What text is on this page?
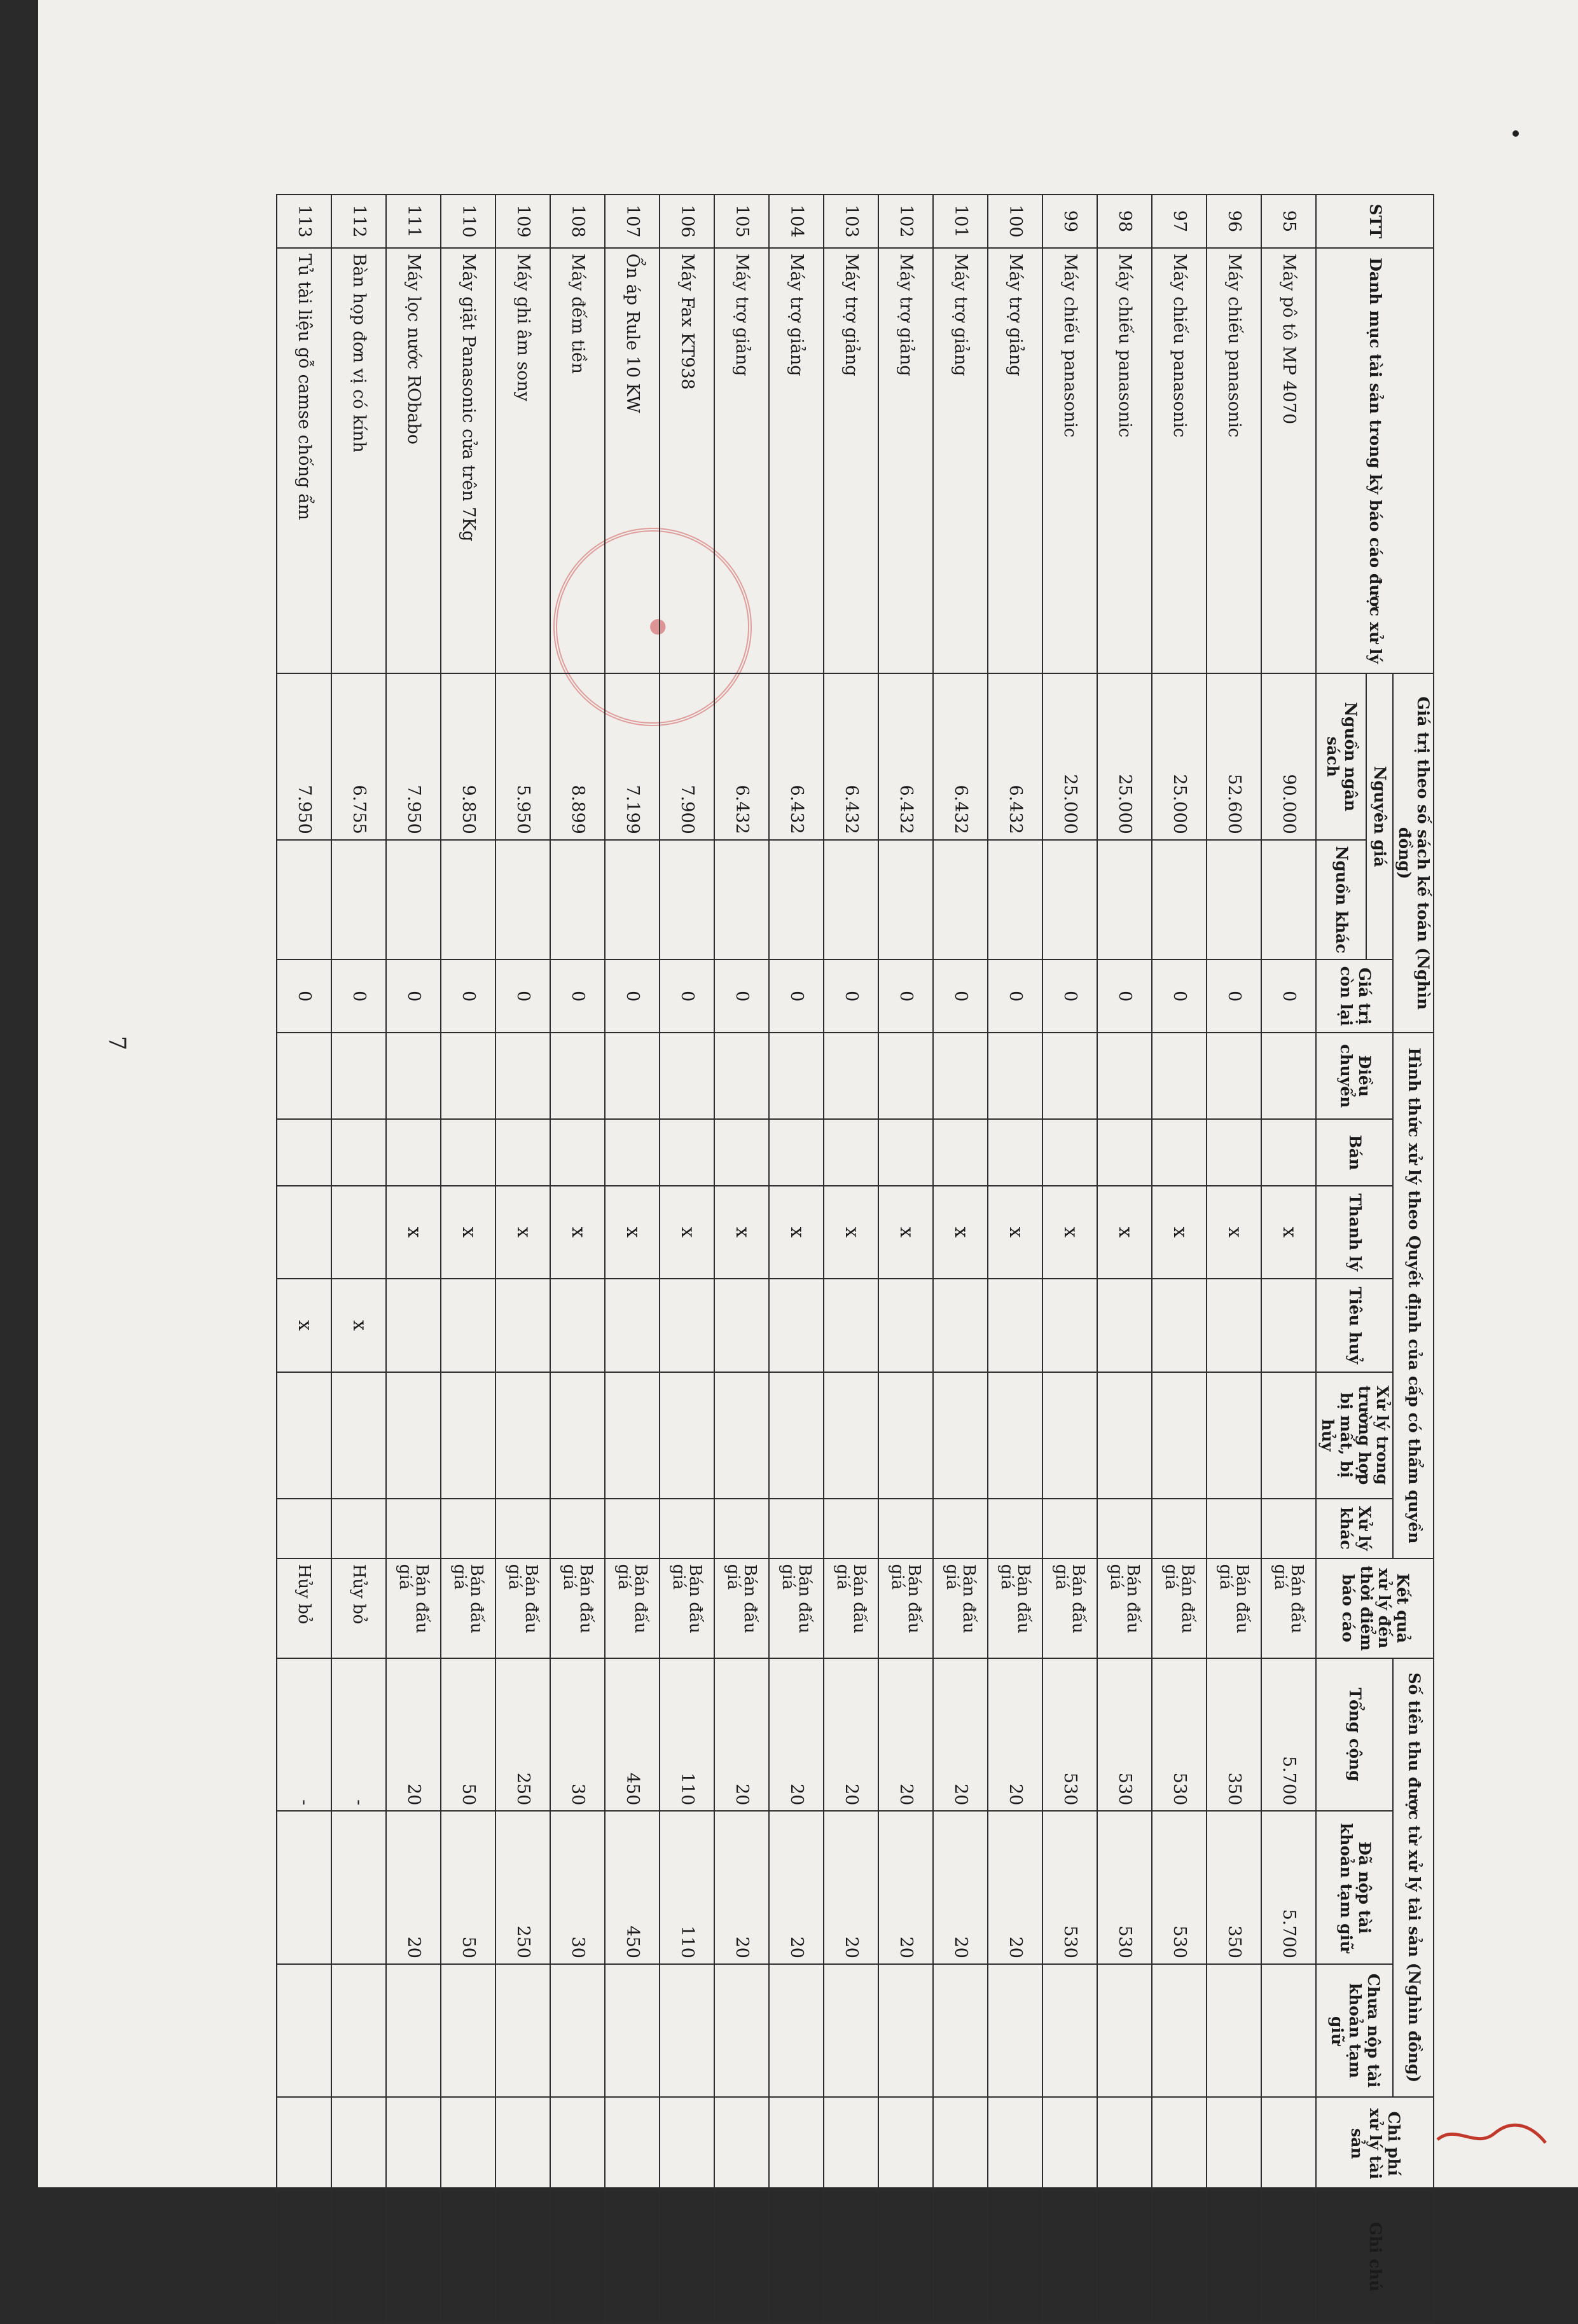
●
7
STT	Danh mục tài sản trong kỳ báo cáo được xử lý	Giá trị theo số sách kế toán (Nghìn đồng)			Hình thức xử lý theo Quyết định của cấp có thẩm quyền						Kết quả xử lý đến thời điểm báo cáo	Số tiền thu được từ xử lý tài sản (Nghìn đồng)			Chi phí xử lý tài sản	Ghi chú
		Nguyên giá		Giá trị còn lại	Điều chuyển	Bán	Thanh lý	Tiêu huỷ	Xử lý trong trường hợp bị mất, bị hủy	Xử lý khác		Tổng cộng	Đã nộp tài khoản tạm giữ	Chưa nộp tài khoản tạm giữ		
		Nguồn ngân sách	Nguồn khác													
95	Máy pô tô MP 4070	90.000		0			x				Bán đấu giá	5.700	5.700			
96	Máy chiếu panasonic	52.600		0			x				Bán đấu giá	350	350			
97	Máy chiếu panasonic	25.000		0			x				Bán đấu giá	530	530			
98	Máy chiếu panasonic	25.000		0			x				Bán đấu giá	530	530			
99	Máy chiếu panasonic	25.000		0			x				Bán đấu giá	530	530			
100	Máy trợ giảng	6.432		0			x				Bán đấu giá	20	20			
101	Máy trợ giảng	6.432		0			x				Bán đấu giá	20	20			
102	Máy trợ giảng	6.432		0			x				Bán đấu giá	20	20			
103	Máy trợ giảng	6.432		0			x				Bán đấu giá	20	20			
104	Máy trợ giảng	6.432		0			x				Bán đấu giá	20	20			
105	Máy trợ giảng	6.432		0			x				Bán đấu giá	20	20			
106	Máy Fax KT938	7.900		0			x				Bán đấu giá	110	110			
107	Ổn áp Rule 10 KW	7.199		0			x				Bán đấu giá	450	450			
108	Máy đếm tiền	8.899		0			x				Bán đấu giá	30	30			
109	Máy ghi âm sony	5.950		0			x				Bán đấu giá	250	250			
110	Máy giặt Panasonic cửa trên 7Kg	9.850		0			x				Bán đấu giá	50	50			
111	Máy lọc nước RObabo	7.950		0			x				Bán đấu giá	20	20			
112	Bàn họp đơn vị có kính	6.755		0				x			Hủy bỏ	-				
113	Tủ tài liệu gỗ camse chống ẩm	7.950		0				x			Hủy bỏ	-				
